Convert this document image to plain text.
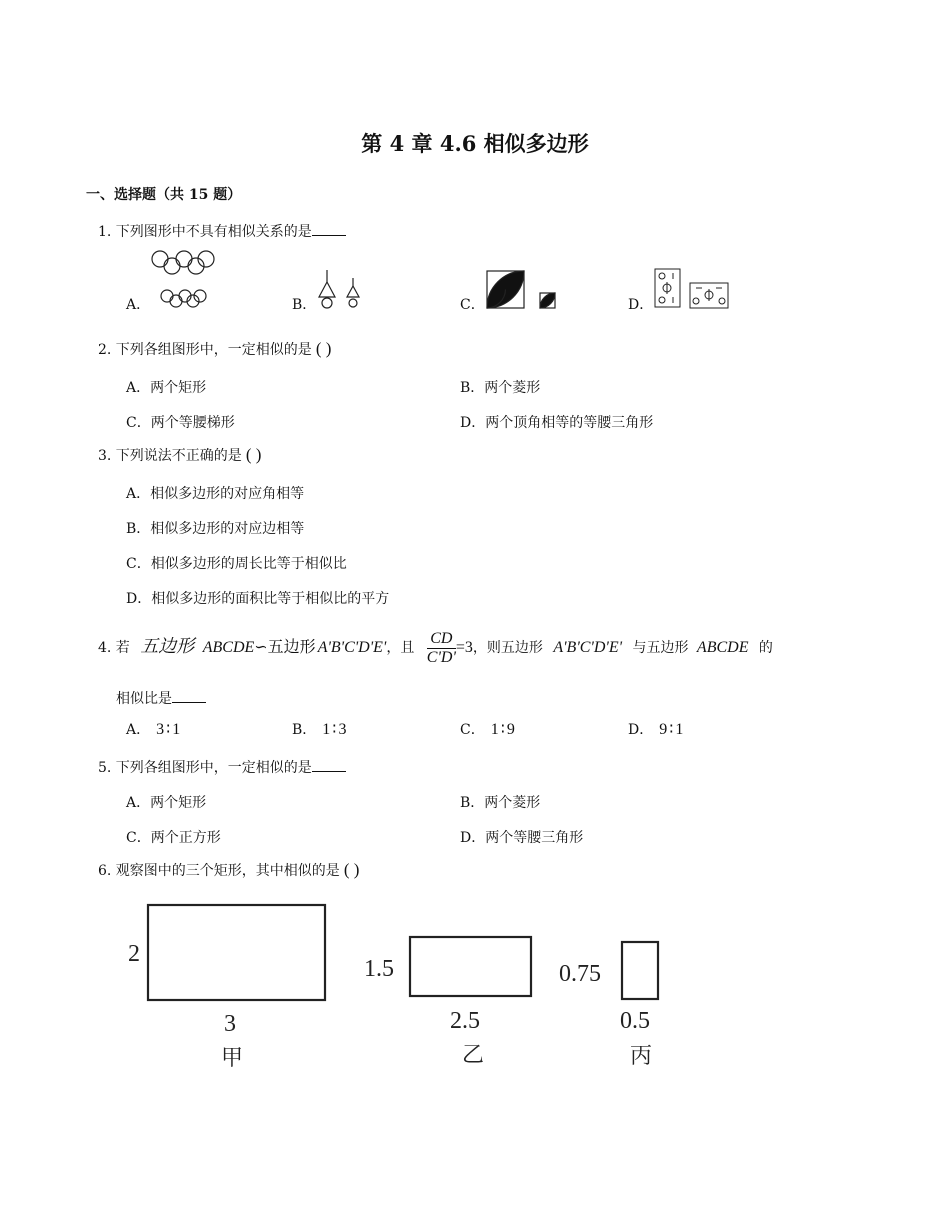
第 4 章 4.6 相似多边形
一、选择题（共 15 题）
1. 下列图形中不具有相似关系的是
A．	B．	C．	D．
2. 下列各组图形中，一定相似的是 ( )
A．两个矩形	B．两个菱形
C．两个等腰梯形	D．两个顶角相等的等腰三角形
3. 下列说法不正确的是 ( )
A．相似多边形的对应角相等
B．相似多边形的对应边相等
C．相似多边形的周长比等于相似比
D．相似多边形的面积比等于相似比的平方
4. 若 五边形 ABCDE∽五边形 A'B'C'D'E'，且 $\frac{CD}{C'D'} =3$，则五边形 A'B'C'D'E' 与五边形 ABCDE 的
相似比是
A． 3∶1	B． 1∶3	C． 1∶9	D． 9∶1
5. 下列各组图形中，一定相似的是
A．两个矩形	B．两个菱形
C．两个正方形	D．两个等腰三角形
6. 观察图中的三个矩形，其中相似的是 ( )
2
3
甲
1.5
2.5
乙
0.75
0.5
丙
